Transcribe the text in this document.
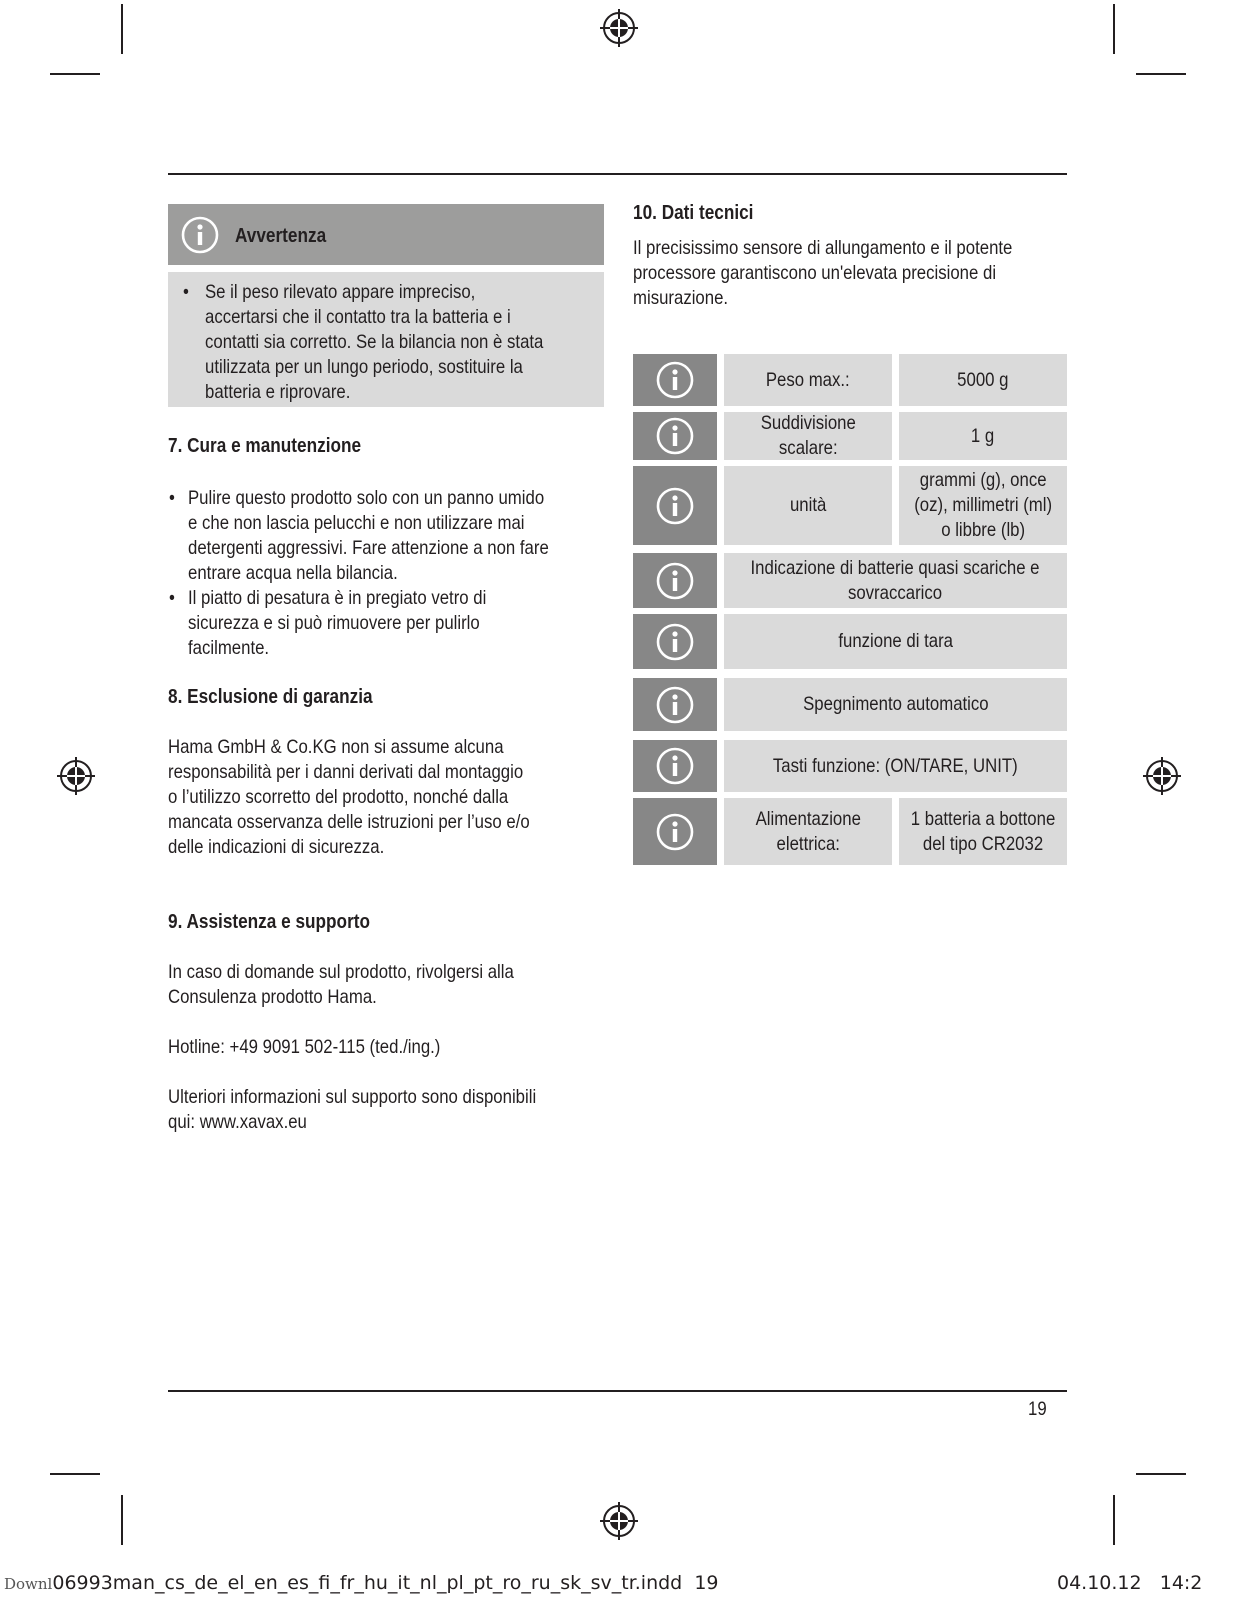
Avvertenza
• Se il peso rilevato appare impreciso,
accertarsi che il contatto tra la batteria e i
contatti sia corretto. Se la bilancia non è stata
utilizzata per un lungo periodo, sostituire la
batteria e riprovare.
7. Cura e manutenzione
• Pulire questo prodotto solo con un panno umido
e che non lascia pelucchi e non utilizzare mai
detergenti aggressivi. Fare attenzione a non fare
entrare acqua nella bilancia.
• Il piatto di pesatura è in pregiato vetro di
sicurezza e si può rimuovere per pulirlo
facilmente.
8. Esclusione di garanzia
Hama GmbH & Co.KG non si assume alcuna
responsabilità per i danni derivati dal montaggio
o l’utilizzo scorretto del prodotto, nonché dalla
mancata osservanza delle istruzioni per l’uso e/o
delle indicazioni di sicurezza.
9. Assistenza e supporto
In caso di domande sul prodotto, rivolgersi alla
Consulenza prodotto Hama.
Hotline: +49 9091 502-115 (ted./ing.)
Ulteriori informazioni sul supporto sono disponibili
qui: www.xavax.eu
10. Dati tecnici
Il precisissimo sensore di allungamento e il potente
processore garantiscono un'elevata precisione di
misurazione.
Peso max.:	5000 g
Suddivisione
scalare:
1 g
unità
grammi (g), once
(oz), millimetri (ml)
o libbre (lb)
Indicazione di batterie quasi scariche e
sovraccarico
funzione di tara
Spegnimento automatico
Tasti funzione: (ON/TARE, UNIT)
Alimentazione
elettrica:
1 batteria a bottone
del tipo CR2032
19
Downl06993man_cs_de_el_en_es_fi_fr_hu_it_nl_pl_pt_ro_ru_sk_sv_tr.indd 19	04.10.12   14:2
